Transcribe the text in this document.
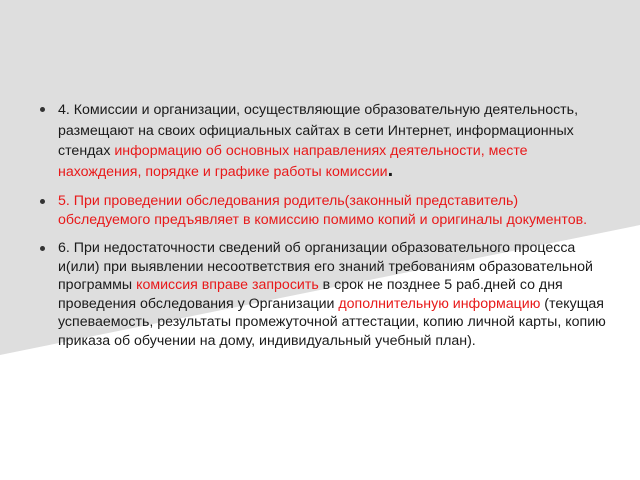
4. Комиссии и организации, осуществляющие образовательную деятельность, размещают на своих официальных сайтах в сети Интернет, информационных стендах информацию об основных направлениях деятельности, месте нахождения, порядке и графике работы комиссии.
5. При проведении обследования родитель(законный представитель) обследуемого предъявляет в комиссию помимо копий и оригиналы документов.
6. При недостаточности сведений об организации образовательного процесса и(или) при выявлении несоответствия его знаний требованиям образовательной программы комиссия вправе запросить в срок не позднее 5 раб.дней со дня проведения обследования у Организации дополнительную информацию (текущая успеваемость, результаты промежуточной аттестации, копию личной карты, копию приказа об обучении на дому, индивидуальный учебный план).
